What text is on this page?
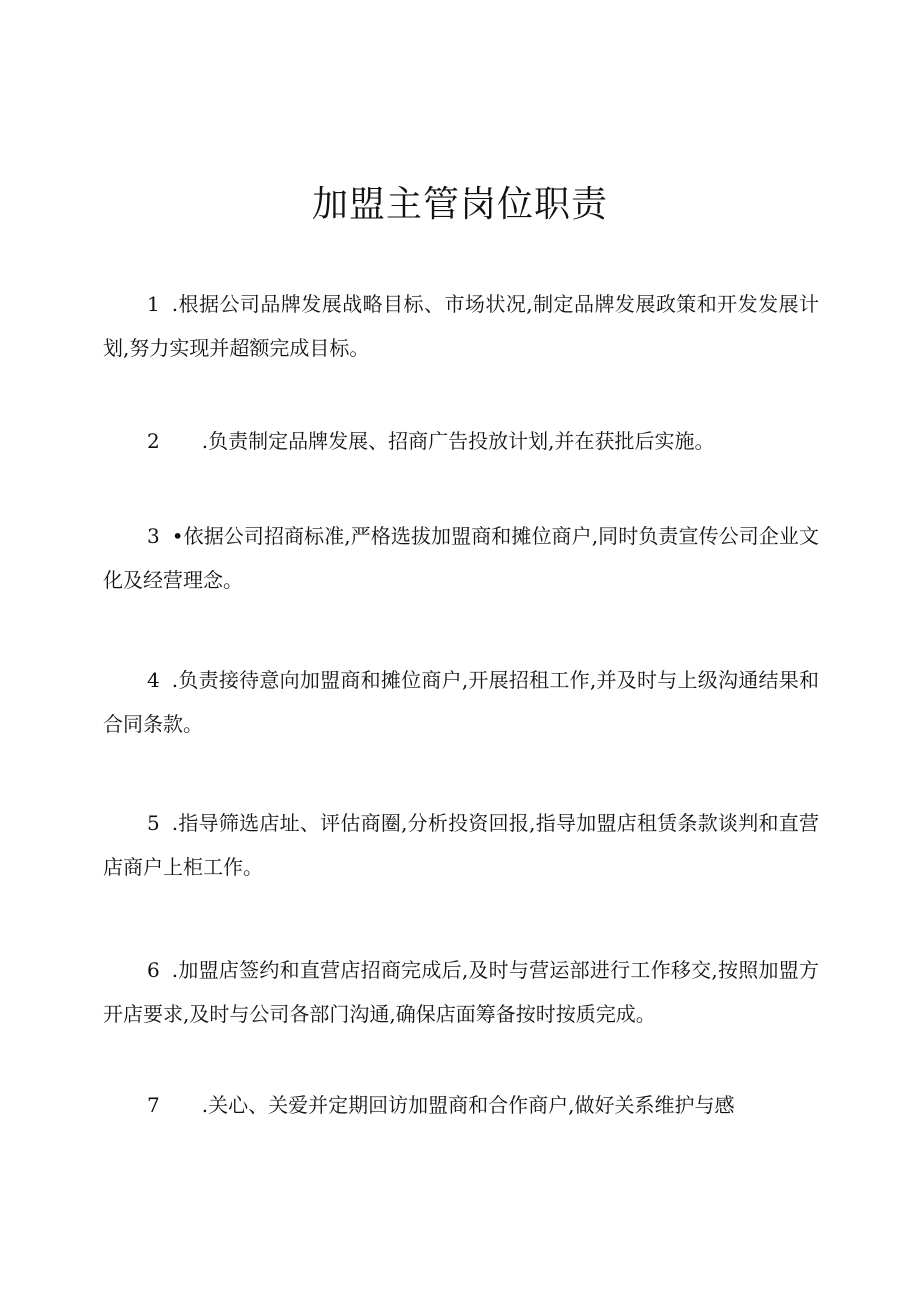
加盟主管岗位职责

1 .根据公司品牌发展战略目标、市场状况,制定品牌发展政策和开发发展计划,努力实现并超额完成目标。

2 .负责制定品牌发展、招商广告投放计划,并在获批后实施。

3 •依据公司招商标准,严格选拔加盟商和摊位商户,同时负责宣传公司企业文化及经营理念。

4 .负责接待意向加盟商和摊位商户,开展招租工作,并及时与上级沟通结果和合同条款。

5 .指导筛选店址、评估商圈,分析投资回报,指导加盟店租赁条款谈判和直营店商户上柜工作。

6 .加盟店签约和直营店招商完成后,及时与营运部进行工作移交,按照加盟方开店要求,及时与公司各部门沟通,确保店面筹备按时按质完成。

7 .关心、关爱并定期回访加盟商和合作商户,做好关系维护与感
